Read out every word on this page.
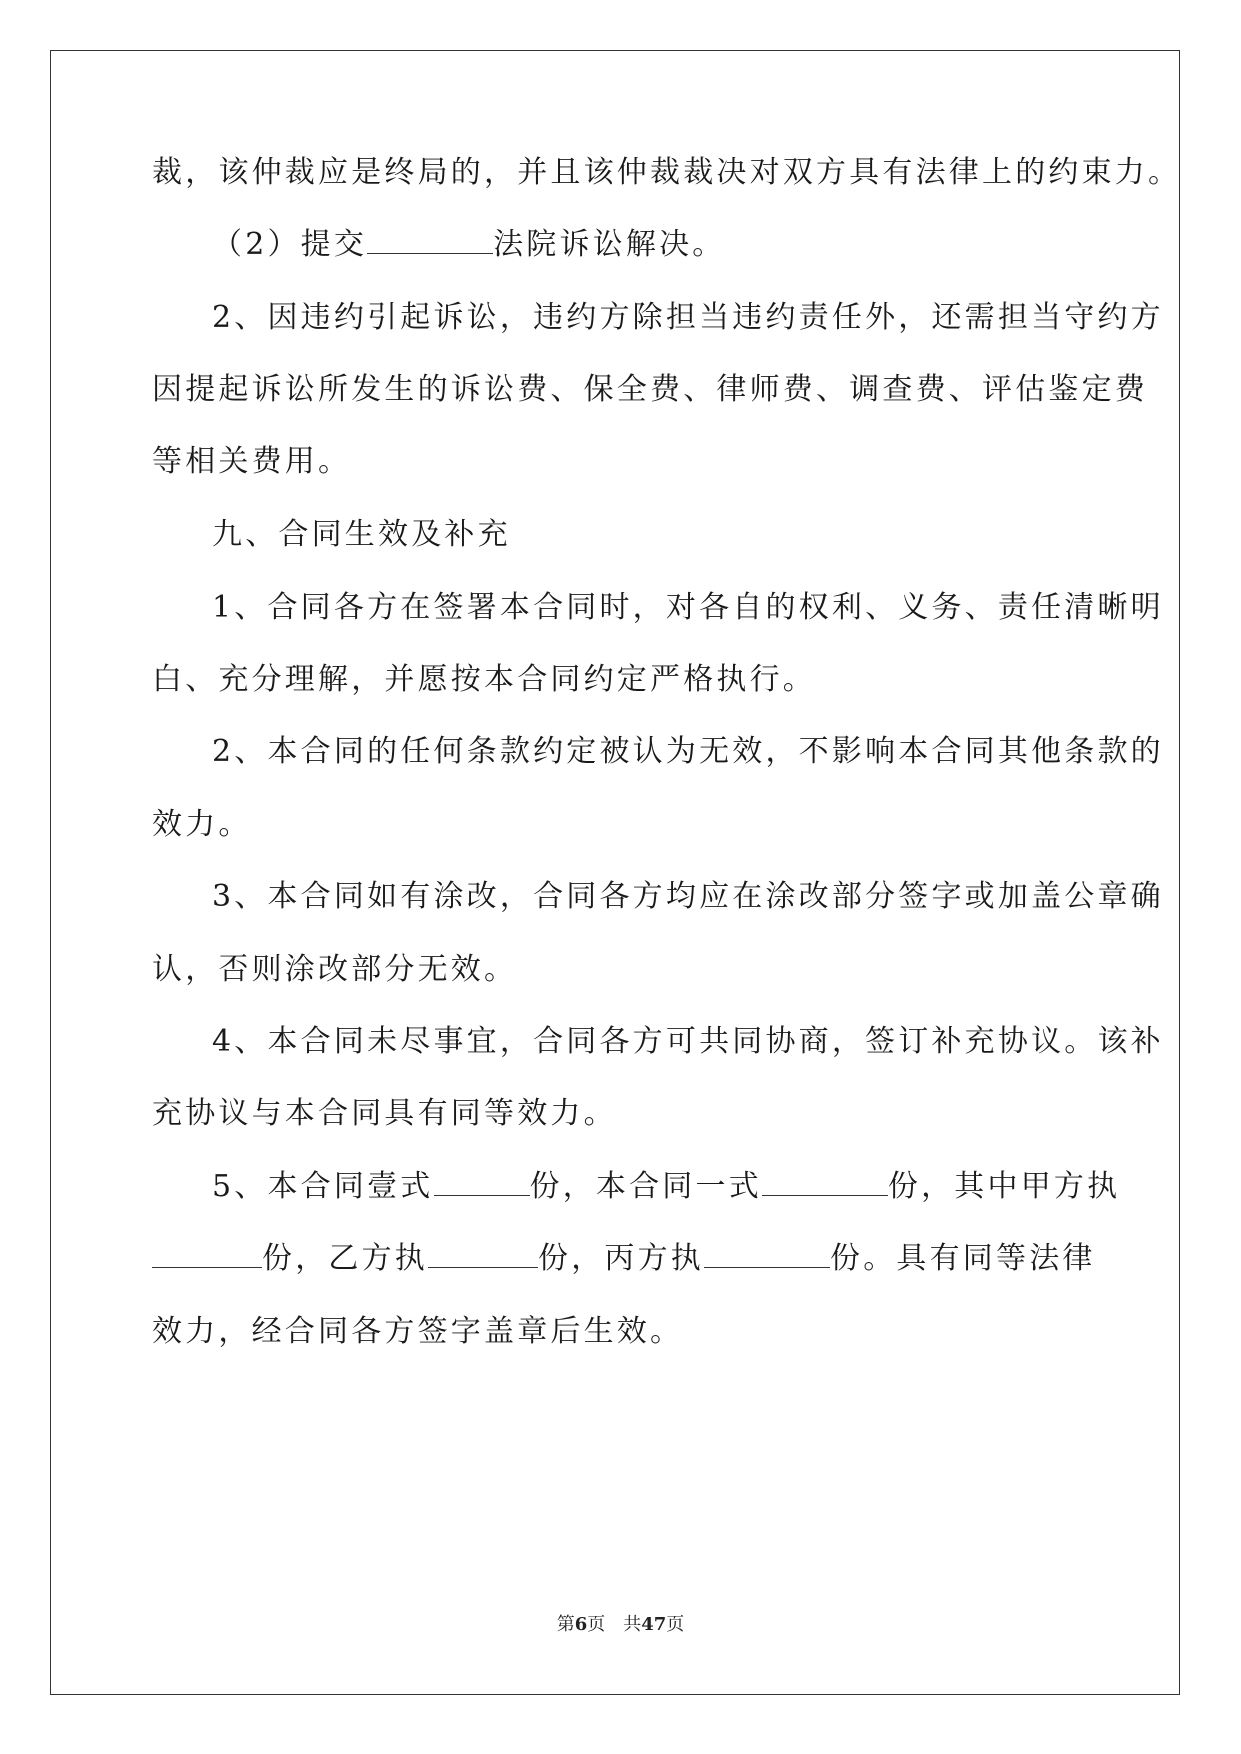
裁，该仲裁应是终局的，并且该仲裁裁决对双方具有法律上的约束力。
（2）提交	法院诉讼解决。
2、因违约引起诉讼，违约方除担当违约责任外，还需担当守约方
因提起诉讼所发生的诉讼费、保全费、律师费、调查费、评估鉴定费
等相关费用。
九、合同生效及补充
1、合同各方在签署本合同时，对各自的权利、义务、责任清晰明
白、充分理解，并愿按本合同约定严格执行。
2、本合同的任何条款约定被认为无效，不影响本合同其他条款的
效力。
3、本合同如有涂改，合同各方均应在涂改部分签字或加盖公章确
认，否则涂改部分无效。
4、本合同未尽事宜，合同各方可共同协商，签订补充协议。该补
充协议与本合同具有同等效力。
5、本合同壹式	份，本合同一式	份，其中甲方执
份，乙方执	份，丙方执	份。具有同等法律
效力，经合同各方签字盖章后生效。
第6页 共47页
